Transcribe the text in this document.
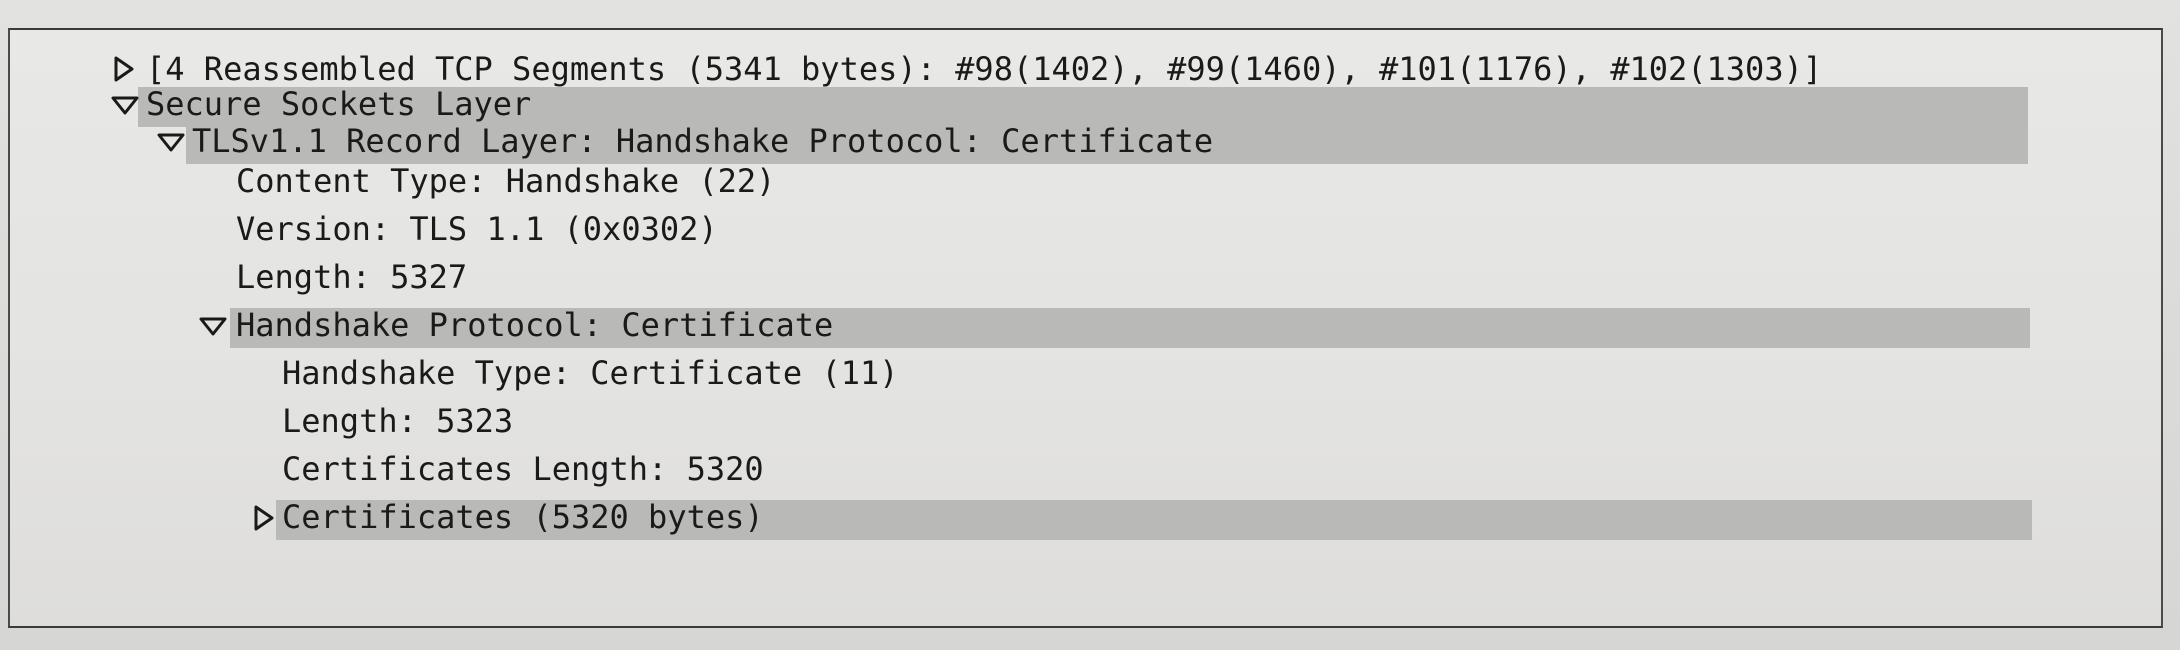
[4 Reassembled TCP Segments (5341 bytes): #98(1402), #99(1460), #101(1176), #102(1303)]
Secure Sockets Layer
TLSv1.1 Record Layer: Handshake Protocol: Certificate
Content Type: Handshake (22)
Version: TLS 1.1 (0x0302)
Length: 5327
Handshake Protocol: Certificate
Handshake Type: Certificate (11)
Length: 5323
Certificates Length: 5320
Certificates (5320 bytes)
